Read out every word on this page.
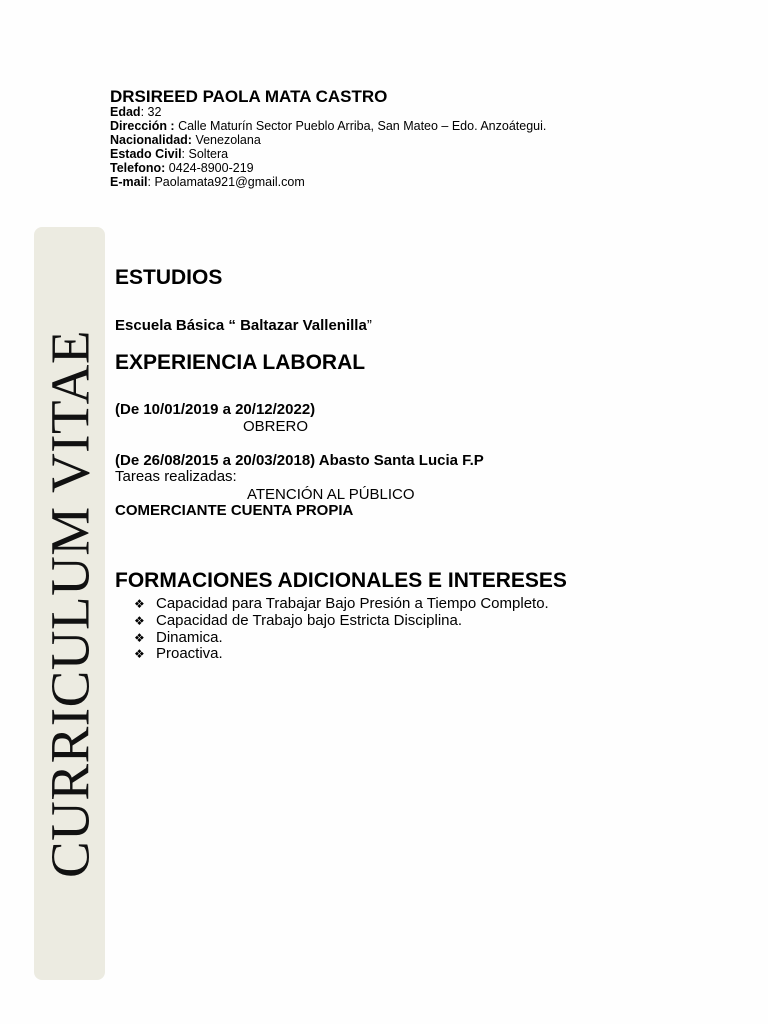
DRSIREED PAOLA MATA CASTRO
Edad: 32
Dirección : Calle Maturín Sector Pueblo Arriba, San Mateo – Edo. Anzoátegui.
Nacionalidad: Venezolana
Estado Civil: Soltera
Telefono: 0424-8900-219
E-mail: Paolamata921@gmail.com
CURRICULUM VITAE
ESTUDIOS
Escuela Básica “ Baltazar Vallenilla”
EXPERIENCIA LABORAL
(De 10/01/2019 a 20/12/2022)
OBRERO
(De 26/08/2015 a 20/03/2018) Abasto Santa Lucia F.P
Tareas realizadas:
ATENCIÓN AL PÚBLICO
COMERCIANTE CUENTA PROPIA
FORMACIONES ADICIONALES E INTERESES
❖ Capacidad para Trabajar Bajo Presión a Tiempo Completo.
❖ Capacidad de Trabajo bajo Estricta Disciplina.
❖ Dinamica.
❖ Proactiva.
